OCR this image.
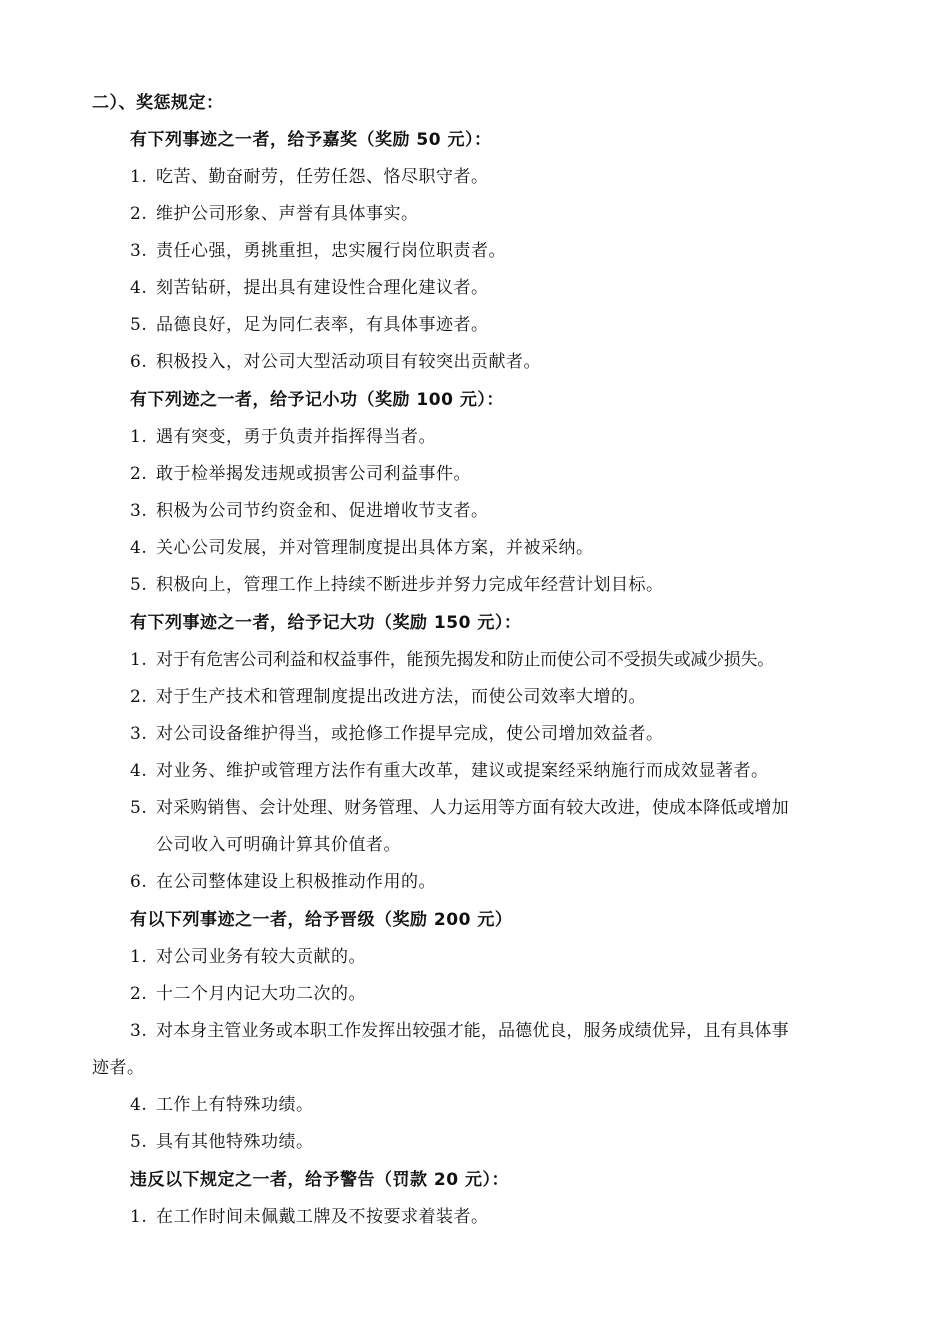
二）、奖惩规定：
有下列事迹之一者，给予嘉奖（奖励 50 元）：
1. 吃苦、勤奋耐劳，任劳任怨、恪尽职守者。
2. 维护公司形象、声誉有具体事实。
3. 责任心强，勇挑重担，忠实履行岗位职责者。
4. 刻苦钻研，提出具有建设性合理化建议者。
5. 品德良好，足为同仁表率，有具体事迹者。
6. 积极投入，对公司大型活动项目有较突出贡献者。
有下列迹之一者，给予记小功（奖励 100 元）：
1. 遇有突变，勇于负责并指挥得当者。
2. 敢于检举揭发违规或损害公司利益事件。
3. 积极为公司节约资金和、促进增收节支者。
4. 关心公司发展，并对管理制度提出具体方案，并被采纳。
5. 积极向上，管理工作上持续不断进步并努力完成年经营计划目标。
有下列事迹之一者，给予记大功（奖励 150 元）：
1. 对于有危害公司利益和权益事件，能预先揭发和防止而使公司不受损失或减少损失。
2. 对于生产技术和管理制度提出改进方法，而使公司效率大增的。
3. 对公司设备维护得当，或抢修工作提早完成，使公司增加效益者。
4. 对业务、维护或管理方法作有重大改革，建议或提案经采纳施行而成效显著者。
5. 对采购销售、会计处理、财务管理、人力运用等方面有较大改进，使成本降低或增加
公司收入可明确计算其价值者。
6. 在公司整体建设上积极推动作用的。
有以下列事迹之一者，给予晋级（奖励 200 元）
1. 对公司业务有较大贡献的。
2. 十二个月内记大功二次的。
3. 对本身主管业务或本职工作发挥出较强才能，品德优良，服务成绩优异，且有具体事
迹者。
4. 工作上有特殊功绩。
5. 具有其他特殊功绩。
违反以下规定之一者，给予警告（罚款 20 元）：
1. 在工作时间未佩戴工牌及不按要求着装者。
